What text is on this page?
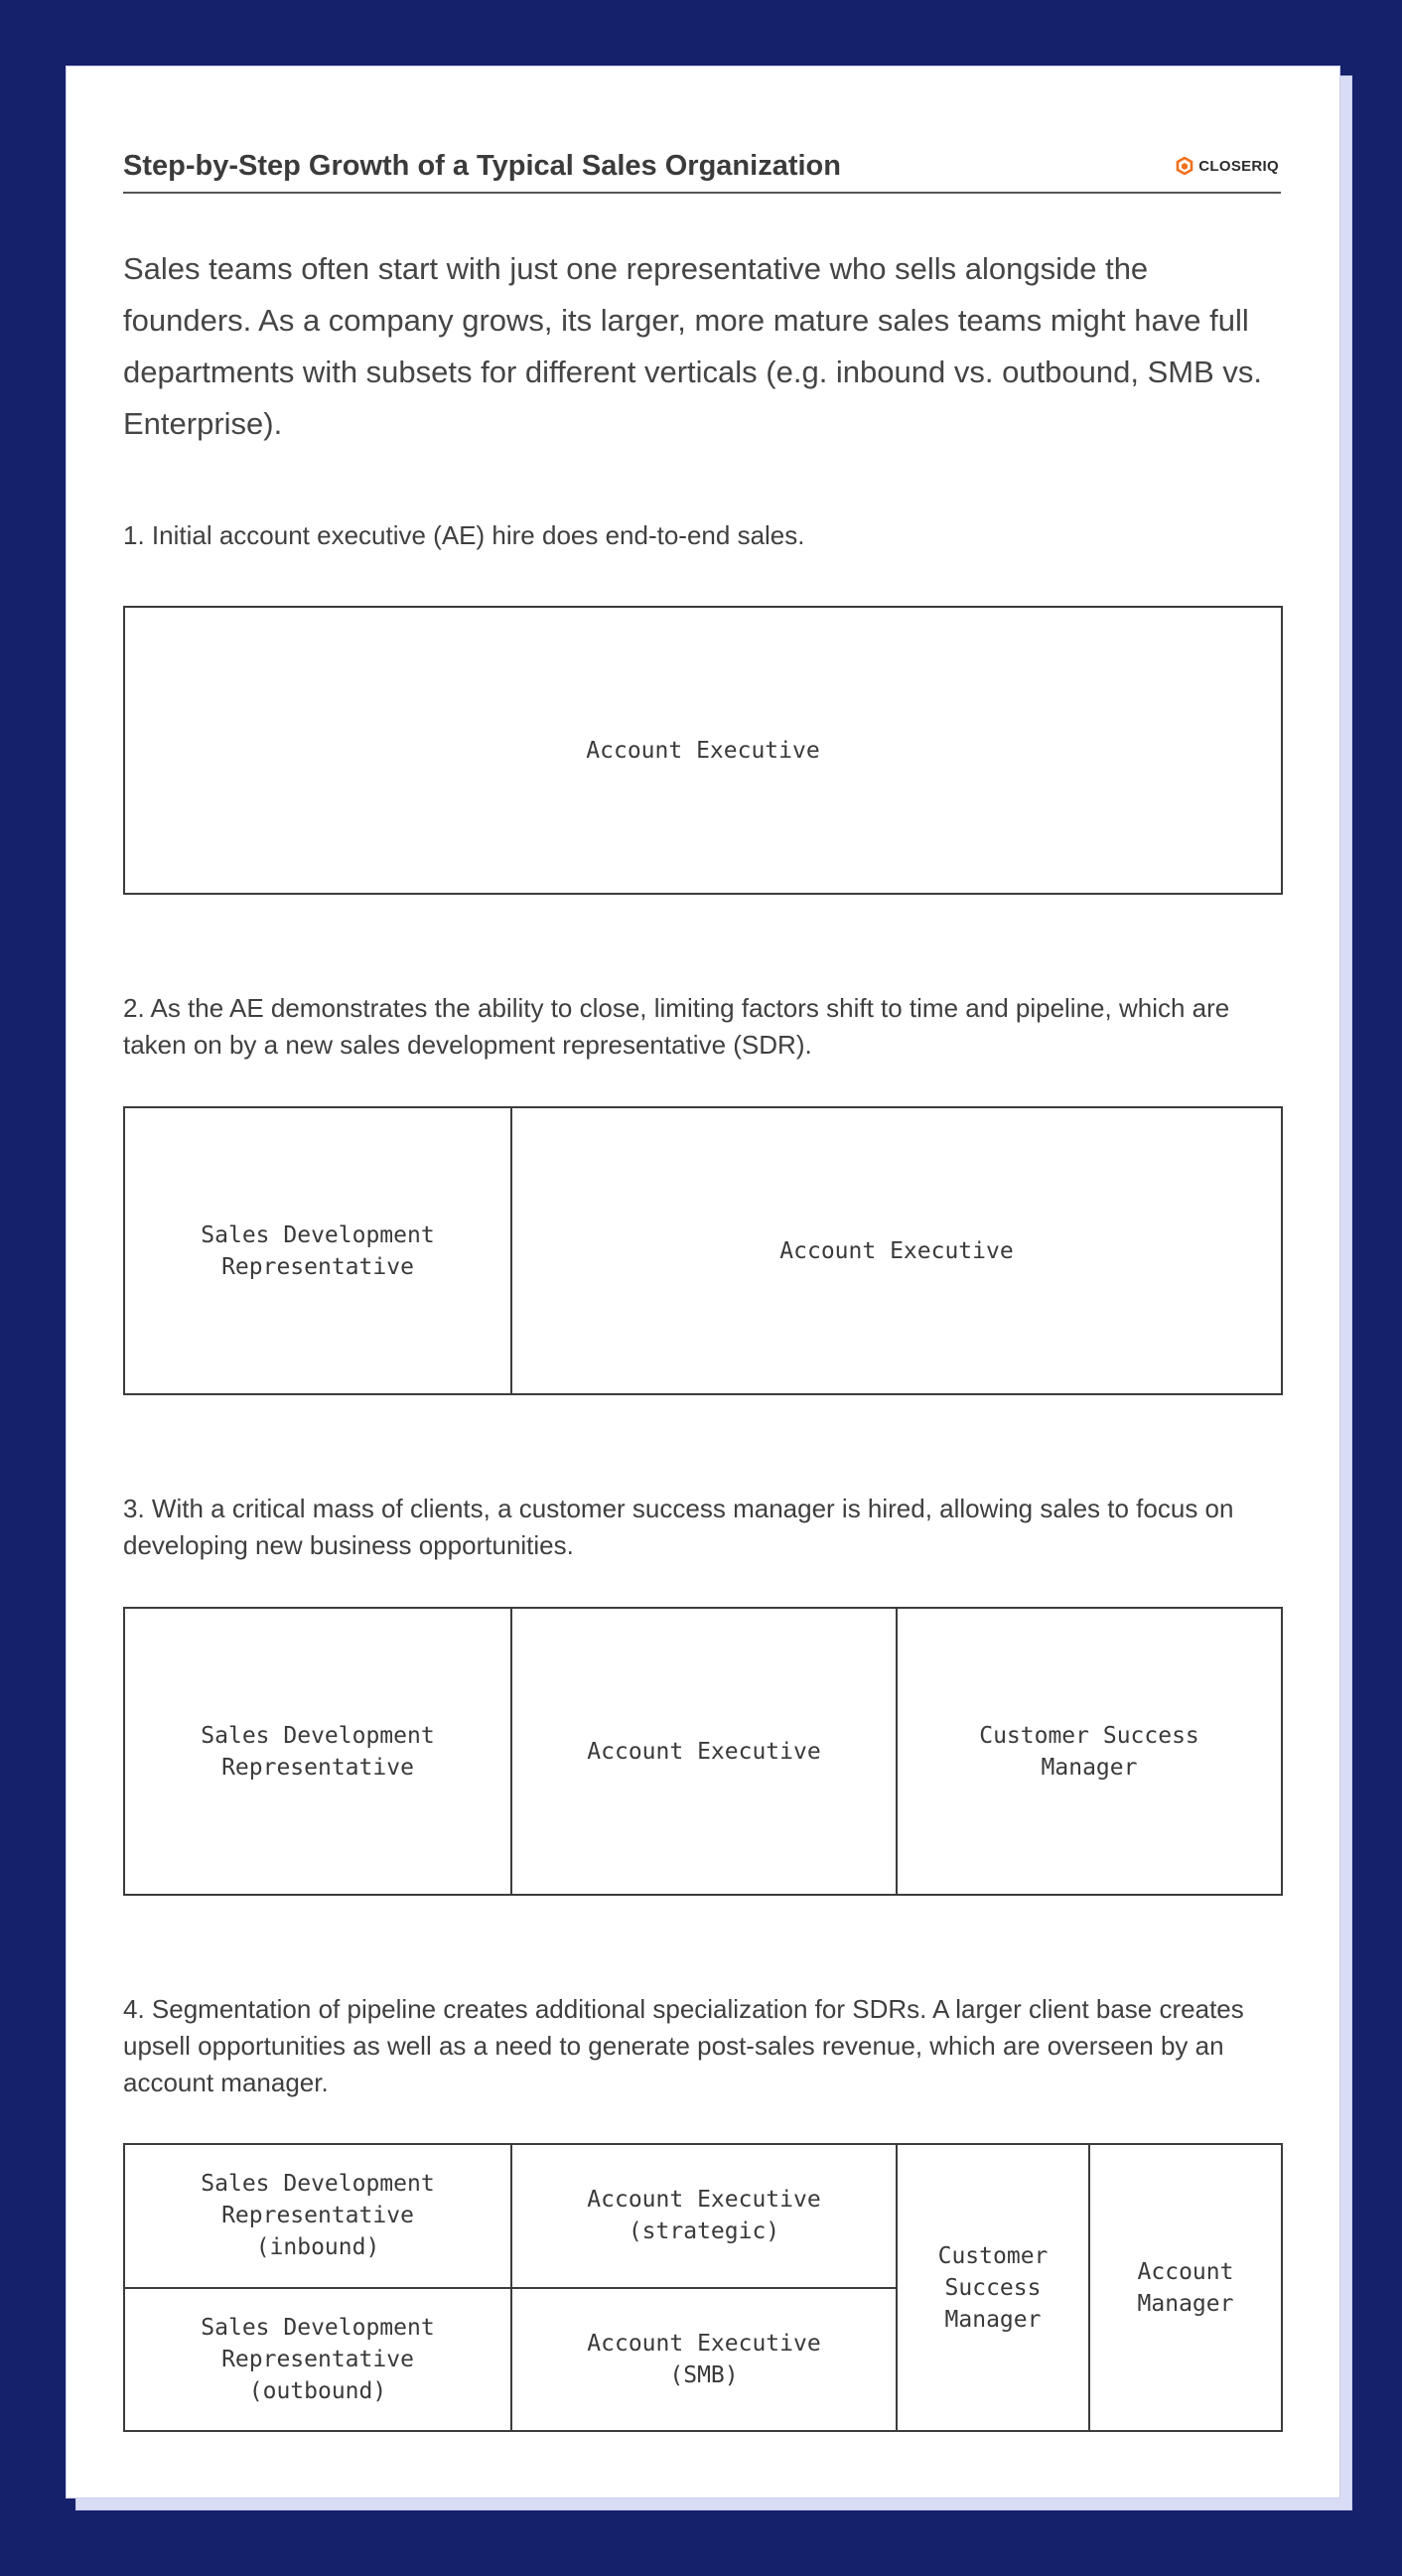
Step-by-Step Growth of a Typical Sales Organization	CLOSERIQ
Sales teams often start with just one representative who sells alongside the founders. As a company grows, its larger, more mature sales teams might have full departments with subsets for different verticals (e.g. inbound vs. outbound, SMB vs. Enterprise).
1. Initial account executive (AE) hire does end-to-end sales.
Account Executive
2. As the AE demonstrates the ability to close, limiting factors shift to time and pipeline, which are taken on by a new sales development representative (SDR).
Sales Development
Representative
Account Executive
3. With a critical mass of clients, a customer success manager is hired, allowing sales to focus on developing new business opportunities.
Sales Development
Representative
Account Executive
Customer Success
Manager
4. Segmentation of pipeline creates additional specialization for SDRs. A larger client base creates upsell opportunities as well as a need to generate post-sales revenue, which are overseen by an account manager.
Sales Development
Representative
(inbound)
Sales Development
Representative
(outbound)
Account Executive
(strategic)
Account Executive
(SMB)
Customer
Success
Manager
Account
Manager
